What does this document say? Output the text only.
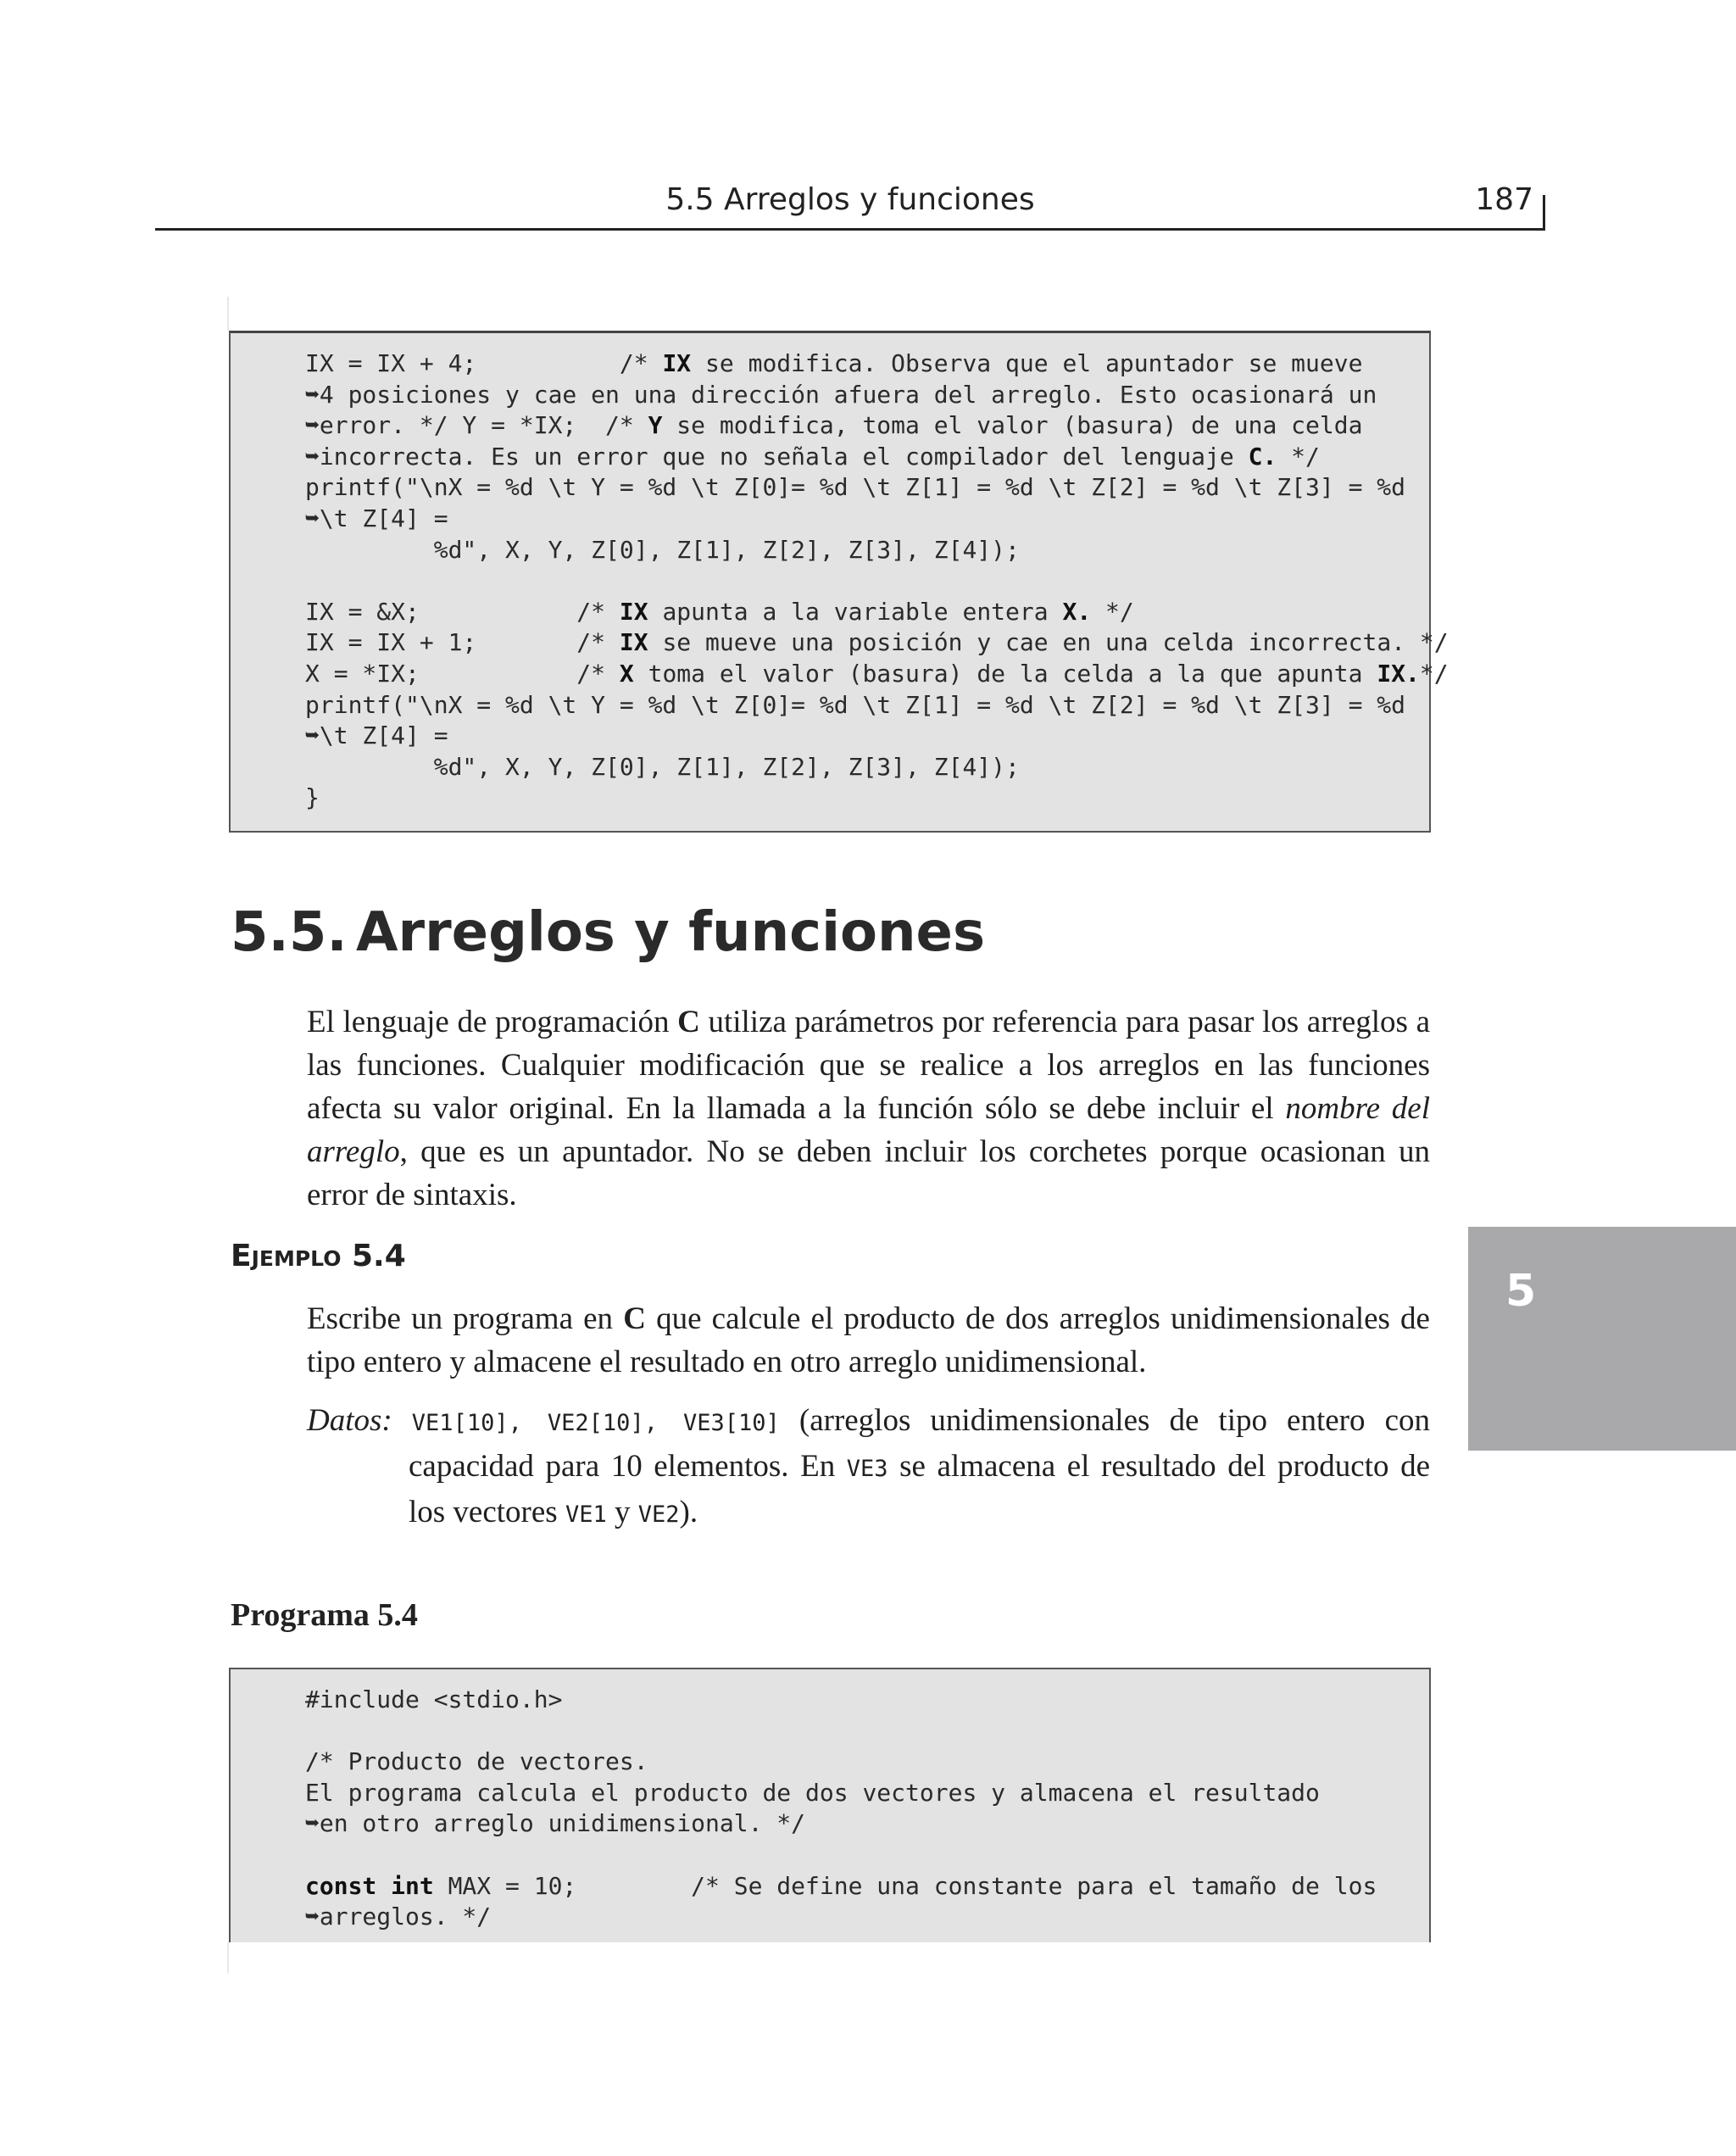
5.5 Arreglos y funciones	187
IX = IX + 4;          /* IX se modifica. Observa que el apuntador se mueve
➥4 posiciones y cae en una dirección afuera del arreglo. Esto ocasionará un
➥error. */ Y = *IX;  /* Y se modifica, toma el valor (basura) de una celda
➥incorrecta. Es un error que no señala el compilador del lenguaje C. */
printf("\nX = %d \t Y = %d \t Z[0]= %d \t Z[1] = %d \t Z[2] = %d \t Z[3] = %d
➥\t Z[4] =
%d", X, Y, Z[0], Z[1], Z[2], Z[3], Z[4]);

IX = &X;           /* IX apunta a la variable entera X. */
IX = IX + 1;       /* IX se mueve una posición y cae en una celda incorrecta. */
X = *IX;           /* X toma el valor (basura) de la celda a la que apunta IX.*/
printf("\nX = %d \t Y = %d \t Z[0]= %d \t Z[1] = %d \t Z[2] = %d \t Z[3] = %d
➥\t Z[4] =
%d", X, Y, Z[0], Z[1], Z[2], Z[3], Z[4]);
}
5.5. Arreglos y funciones

El lenguaje de programación C utiliza parámetros por referencia para pasar los arreglos a las funciones. Cualquier modificación que se realice a los arreglos en las funciones afecta su valor original. En la llamada a la función sólo se debe incluir el nombre del arreglo, que es un apuntador. No se deben incluir los corchetes porque ocasionan un error de sintaxis.

Ejemplo 5.4

Escribe un programa en C que calcule el producto de dos arreglos unidimensionales de tipo entero y almacene el resultado en otro arreglo unidimensional.

Datos: VE1[10], VE2[10], VE3[10] (arreglos unidimensionales de tipo entero con capacidad para 10 elementos. En VE3 se almacena el resultado del producto de los vectores VE1 y VE2).

Programa 5.4
#include <stdio.h>

/* Producto de vectores.
El programa calcula el producto de dos vectores y almacena el resultado
➥en otro arreglo unidimensional. */

const int MAX = 10;        /* Se define una constante para el tamaño de los
➥arreglos. */
5
